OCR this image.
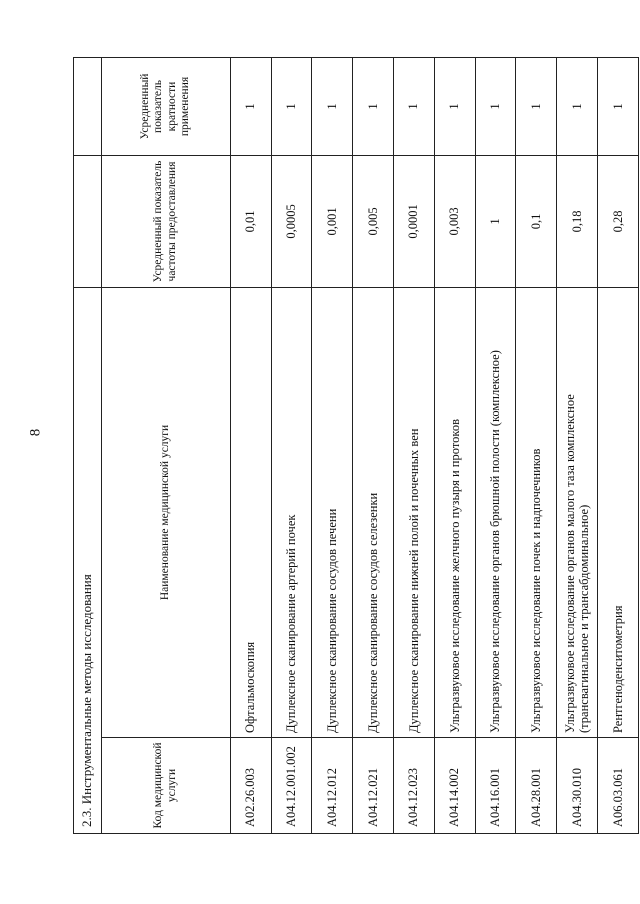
8
2.3. Инструментальные методы исследования			
Код медицинской услуги	Наименование медицинской услуги	Усредненный показатель частоты предоставления	Усредненный показатель кратности применения
A02.26.003	Офтальмоскопия	0,01	1
A04.12.001.002	Дуплексное сканирование артерий почек	0,0005	1
A04.12.012	Дуплексное сканирование сосудов печени	0,001	1
A04.12.021	Дуплексное сканирование сосудов селезенки	0,005	1
A04.12.023	Дуплексное сканирование нижней полой и почечных вен	0,0001	1
A04.14.002	Ультразвуковое исследование желчного пузыря и протоков	0,003	1
A04.16.001	Ультразвуковое исследование органов брюшной полости (комплексное)	1	1
A04.28.001	Ультразвуковое исследование почек и надпочечников	0,1	1
A04.30.010	Ультразвуковое исследование органов малого таза комплексное (трансвагинальное и трансабдоминальное)	0,18	1
A06.03.061	Рентгеноденситометрия	0,28	1
